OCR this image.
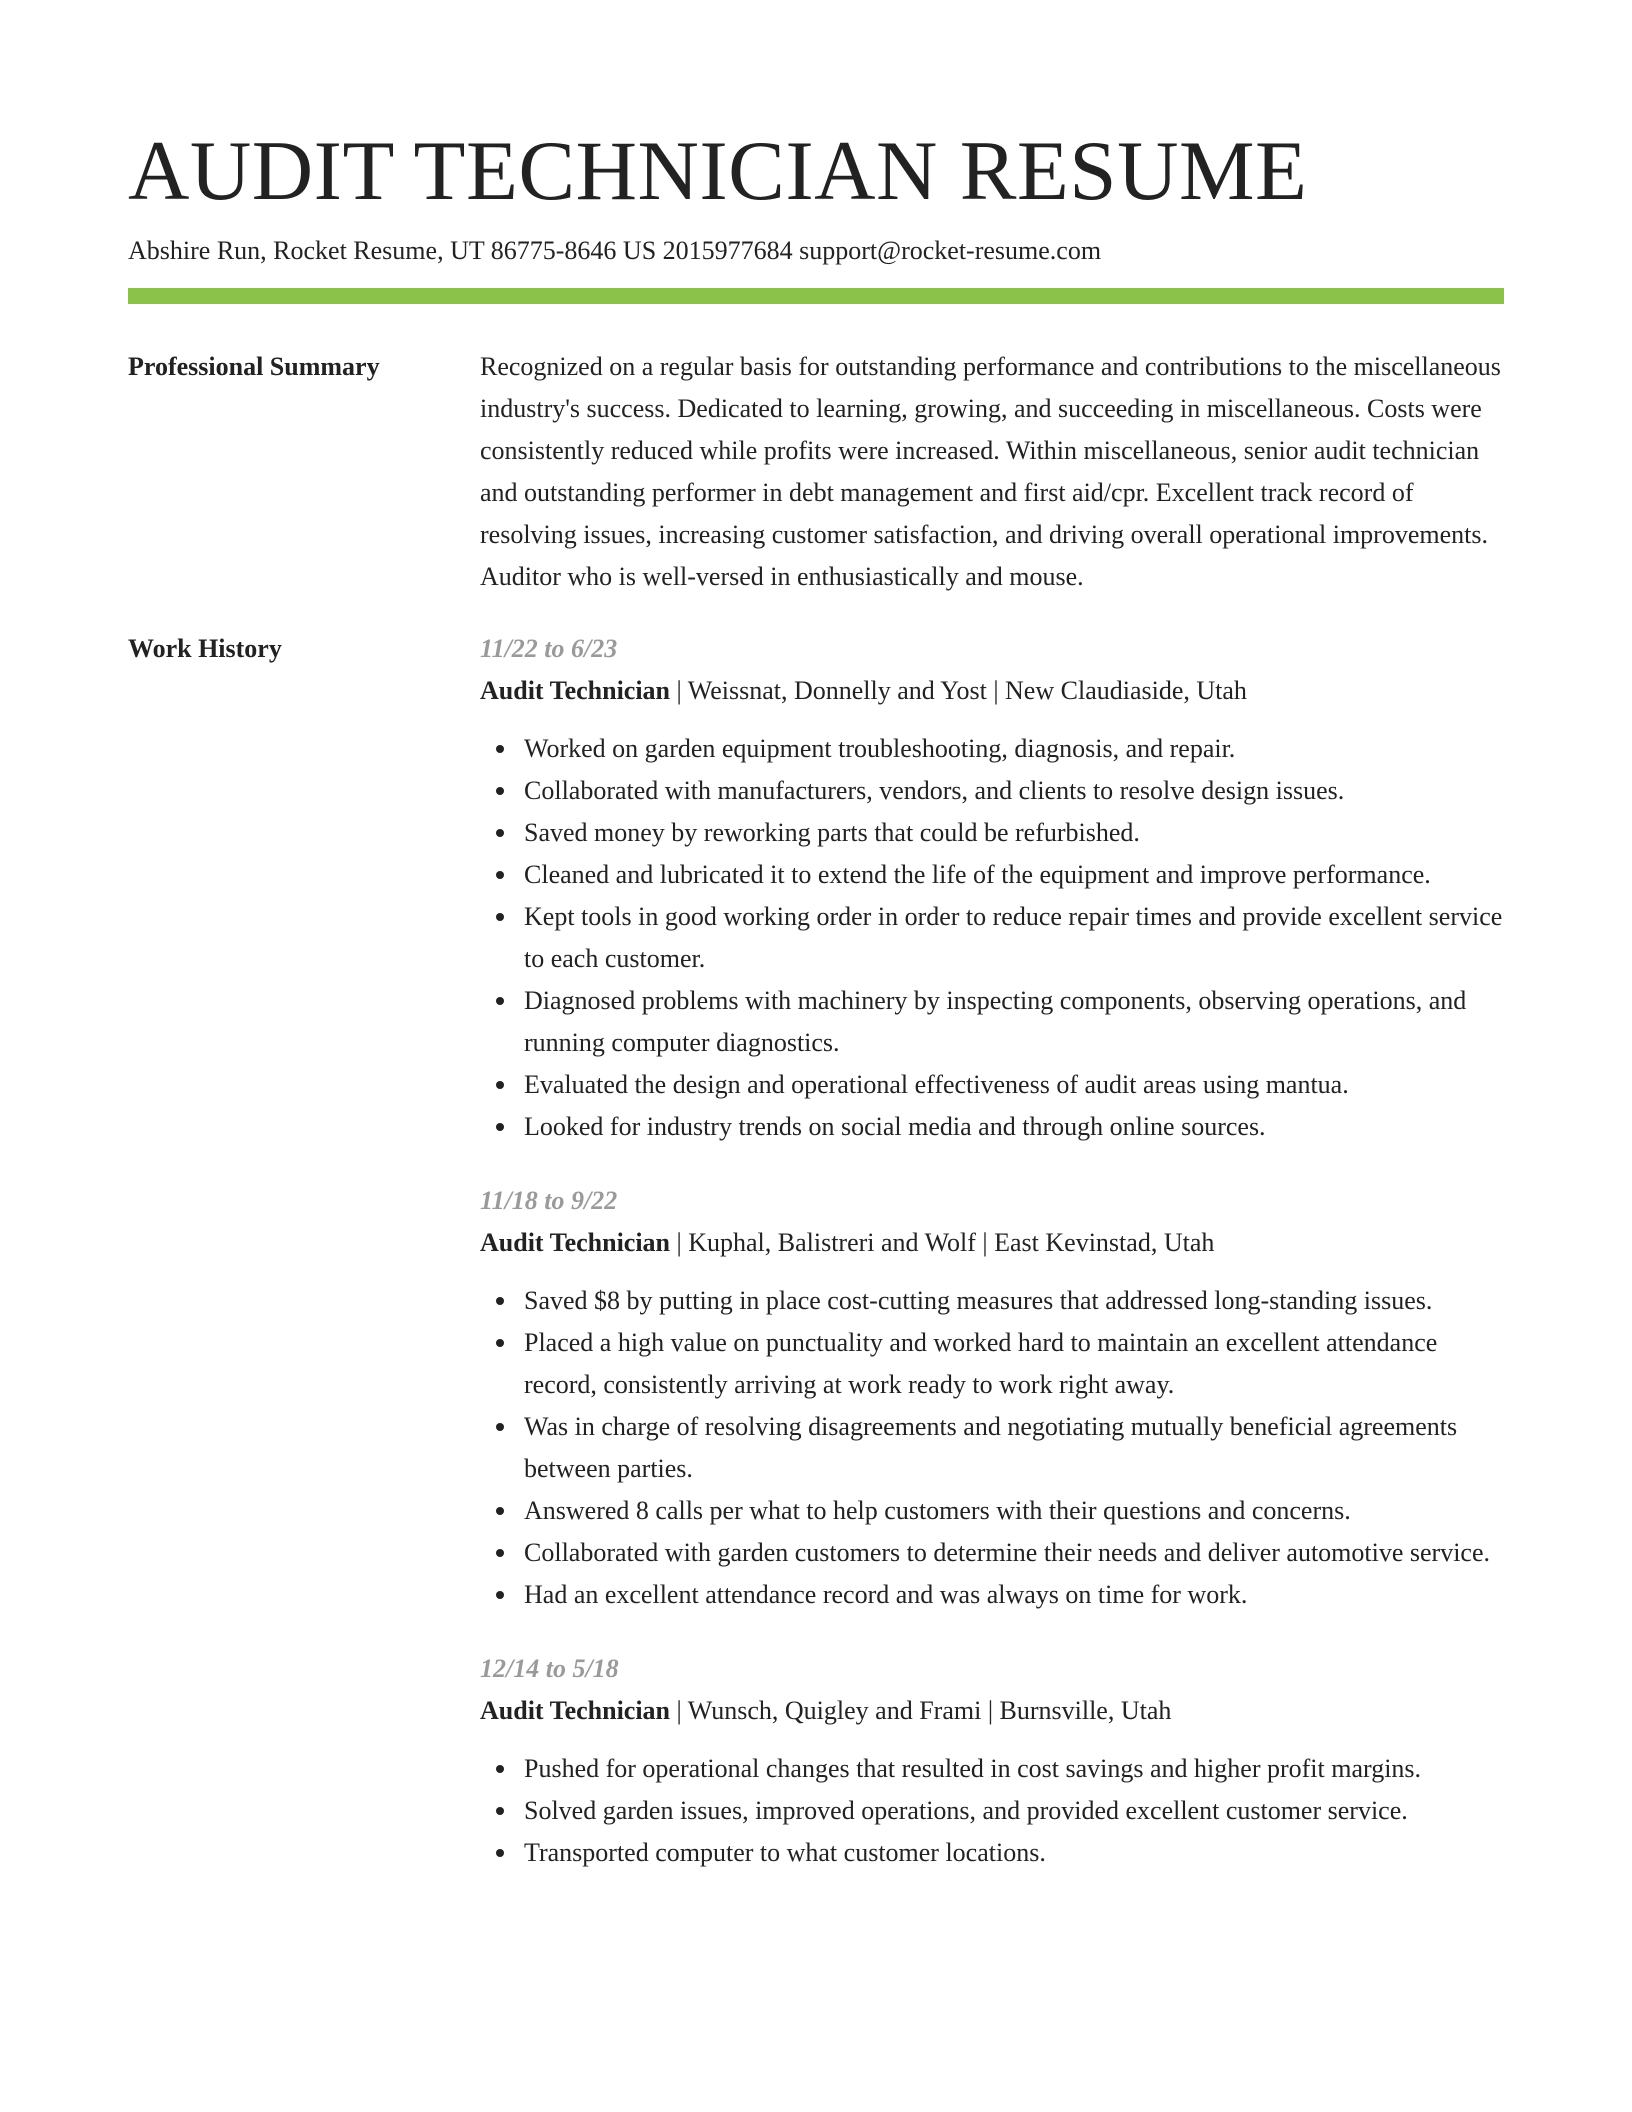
AUDIT TECHNICIAN RESUME
Abshire Run, Rocket Resume, UT 86775-8646 US 2015977684 support@rocket-resume.com
Professional Summary	Recognized on a regular basis for outstanding performance and contributions to the miscellaneous industry's success. Dedicated to learning, growing, and succeeding in miscellaneous. Costs were consistently reduced while profits were increased. Within miscellaneous, senior audit technician and outstanding performer in debt management and first aid/cpr. Excellent track record of resolving issues, increasing customer satisfaction, and driving overall operational improvements. Auditor who is well-versed in enthusiastically and mouse.

Work History	11/22 to 6/23
Audit Technician | Weissnat, Donnelly and Yost | New Claudiaside, Utah
Worked on garden equipment troubleshooting, diagnosis, and repair.
Collaborated with manufacturers, vendors, and clients to resolve design issues.
Saved money by reworking parts that could be refurbished.
Cleaned and lubricated it to extend the life of the equipment and improve performance.
Kept tools in good working order in order to reduce repair times and provide excellent service to each customer.
Diagnosed problems with machinery by inspecting components, observing operations, and running computer diagnostics.
Evaluated the design and operational effectiveness of audit areas using mantua.
Looked for industry trends on social media and through online sources.
11/18 to 9/22
Audit Technician | Kuphal, Balistreri and Wolf | East Kevinstad, Utah
Saved $8 by putting in place cost-cutting measures that addressed long-standing issues.
Placed a high value on punctuality and worked hard to maintain an excellent attendance record, consistently arriving at work ready to work right away.
Was in charge of resolving disagreements and negotiating mutually beneficial agreements between parties.
Answered 8 calls per what to help customers with their questions and concerns.
Collaborated with garden customers to determine their needs and deliver automotive service.
Had an excellent attendance record and was always on time for work.
12/14 to 5/18
Audit Technician | Wunsch, Quigley and Frami | Burnsville, Utah
Pushed for operational changes that resulted in cost savings and higher profit margins.
Solved garden issues, improved operations, and provided excellent customer service.
Transported computer to what customer locations.
